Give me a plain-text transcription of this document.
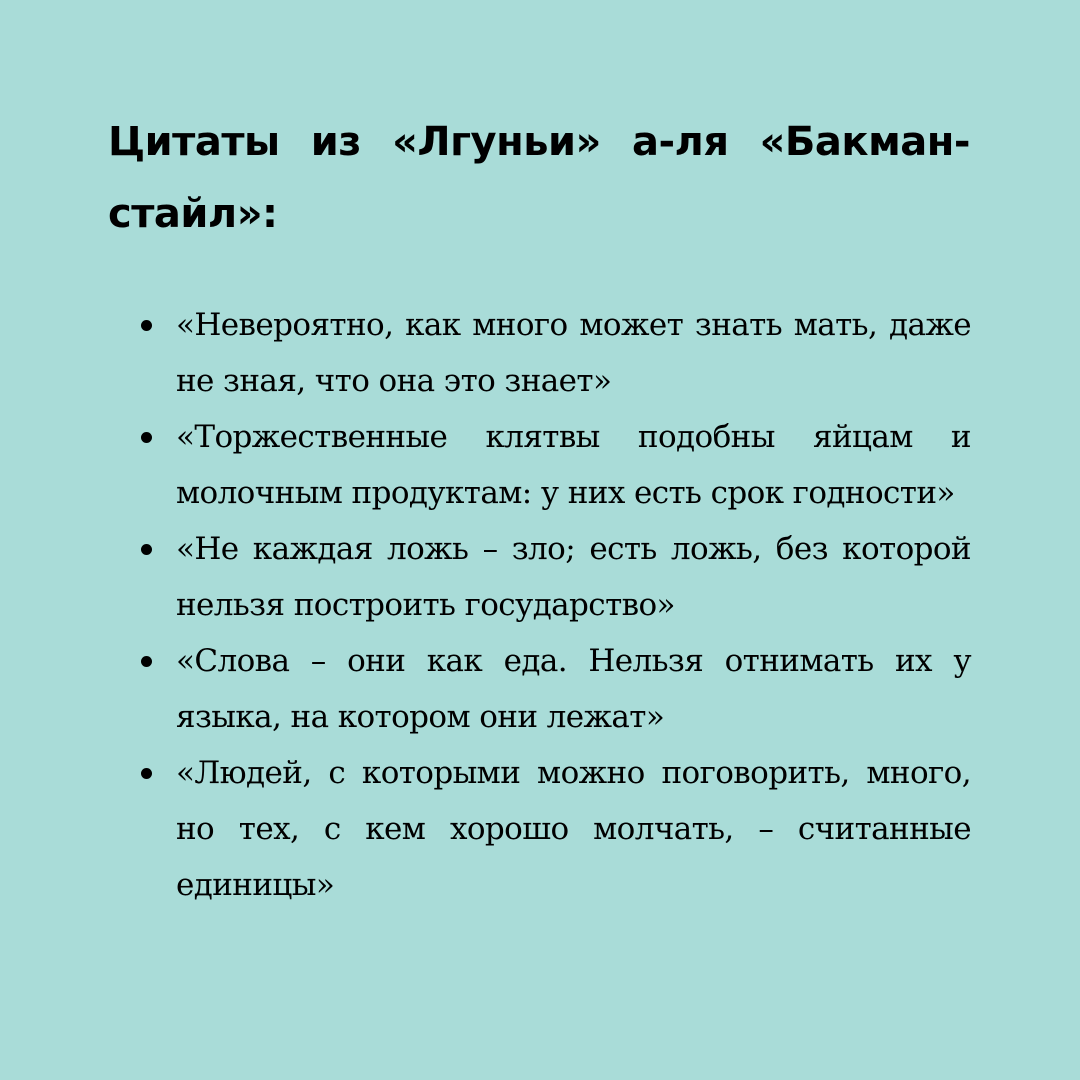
Цитаты из «Лгуньи» а-ля «Бакман-стайл»:
«Невероятно, как много может знать мать, даже не зная, что она это знает»
«Торжественные клятвы подобны яйцам и молочным продуктам: у них есть срок годности»
«Не каждая ложь – зло; есть ложь, без которой нельзя построить государство»
«Слова – они как еда. Нельзя отнимать их у языка, на котором они лежат»
«Людей, с которыми можно поговорить, много, но тех, с кем хорошо молчать, – считанные единицы»
